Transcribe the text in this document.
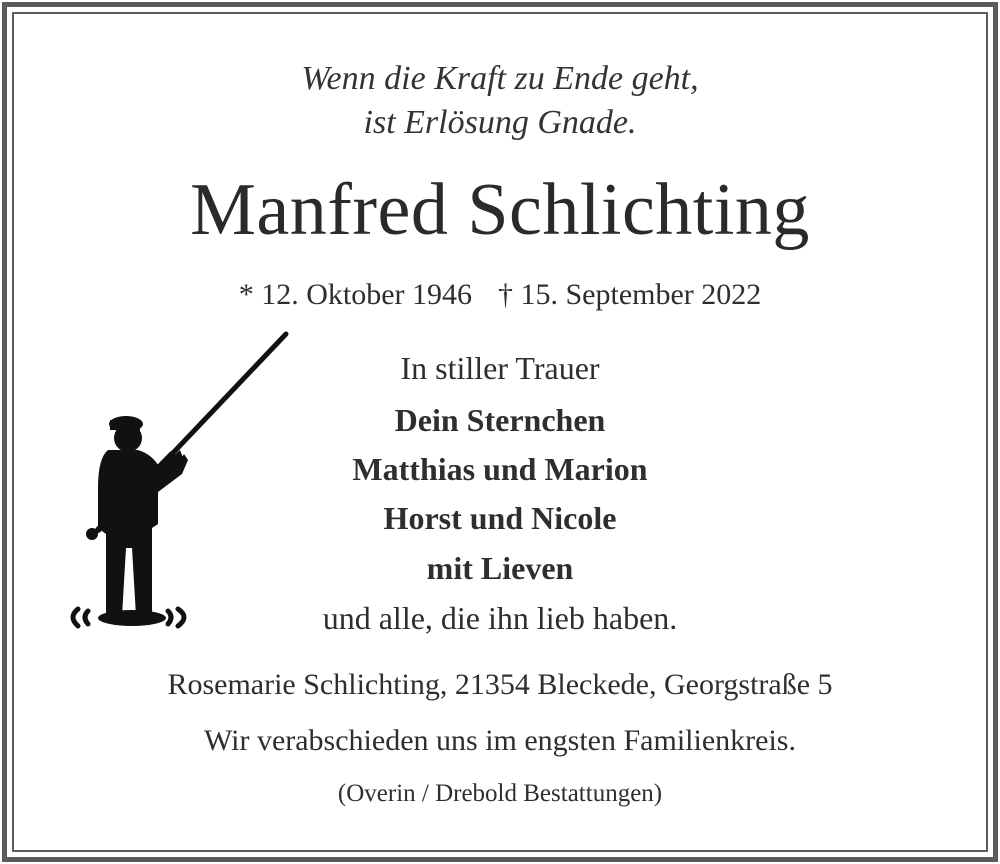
Wenn die Kraft zu Ende geht,
ist Erlösung Gnade.
Manfred Schlichting
* 12. Oktober 1946 † 15. September 2022
In stiller Trauer
Dein Sternchen
Matthias und Marion
Horst und Nicole
mit Lieven
und alle, die ihn lieb haben.
Rosemarie Schlichting, 21354 Bleckede, Georgstraße 5
Wir verabschieden uns im engsten Familienkreis.
(Overin / Drebold Bestattungen)
